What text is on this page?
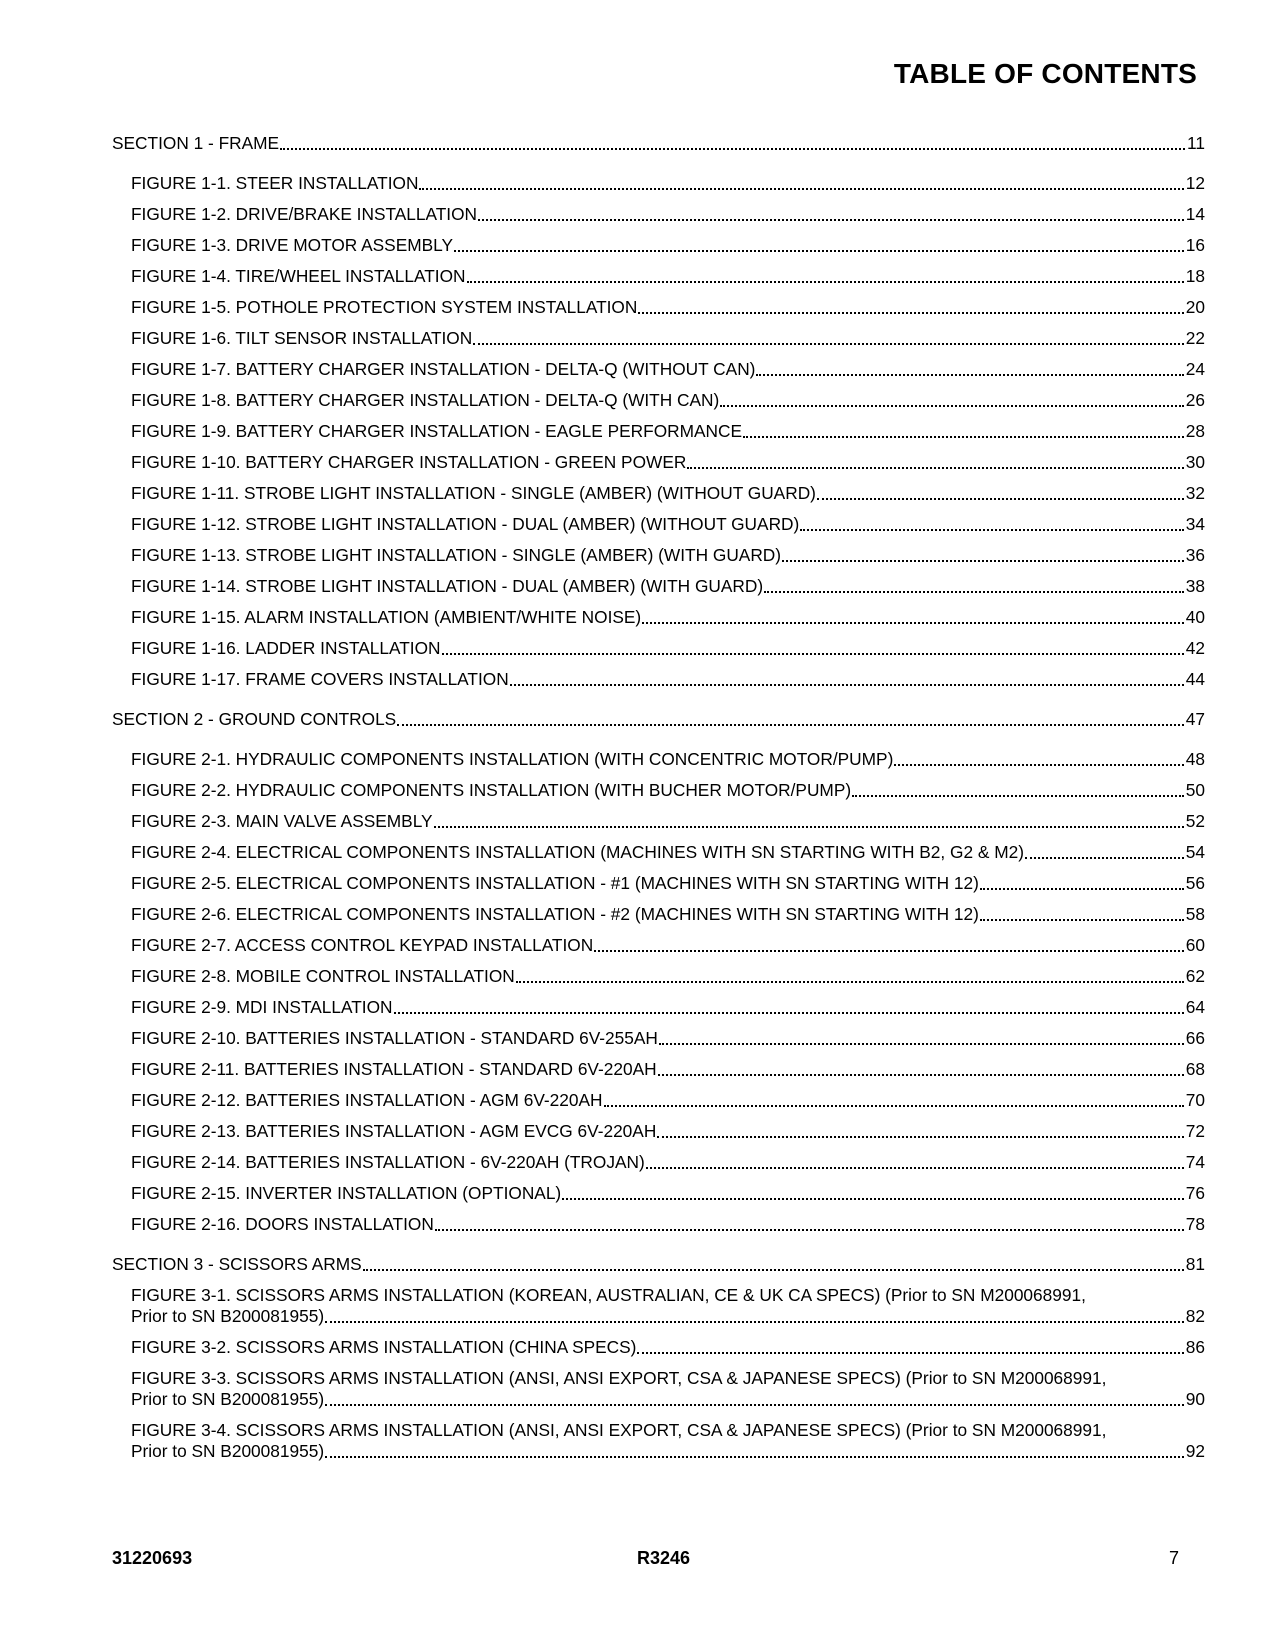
TABLE OF CONTENTS
SECTION 1 - FRAME	11
FIGURE 1-1. STEER INSTALLATION	12
FIGURE 1-2. DRIVE/BRAKE INSTALLATION	14
FIGURE 1-3. DRIVE MOTOR ASSEMBLY	16
FIGURE 1-4. TIRE/WHEEL INSTALLATION	18
FIGURE 1-5. POTHOLE PROTECTION SYSTEM INSTALLATION	20
FIGURE 1-6. TILT SENSOR INSTALLATION	22
FIGURE 1-7. BATTERY CHARGER INSTALLATION - DELTA-Q (WITHOUT CAN)	24
FIGURE 1-8. BATTERY CHARGER INSTALLATION - DELTA-Q (WITH CAN)	26
FIGURE 1-9. BATTERY CHARGER INSTALLATION - EAGLE PERFORMANCE	28
FIGURE 1-10. BATTERY CHARGER INSTALLATION - GREEN POWER	30
FIGURE 1-11. STROBE LIGHT INSTALLATION - SINGLE (AMBER) (WITHOUT GUARD)	32
FIGURE 1-12. STROBE LIGHT INSTALLATION - DUAL (AMBER) (WITHOUT GUARD)	34
FIGURE 1-13. STROBE LIGHT INSTALLATION - SINGLE (AMBER) (WITH GUARD)	36
FIGURE 1-14. STROBE LIGHT INSTALLATION - DUAL (AMBER) (WITH GUARD)	38
FIGURE 1-15. ALARM INSTALLATION (AMBIENT/WHITE NOISE)	40
FIGURE 1-16. LADDER INSTALLATION	42
FIGURE 1-17. FRAME COVERS INSTALLATION	44
SECTION 2 - GROUND CONTROLS	47
FIGURE 2-1. HYDRAULIC COMPONENTS INSTALLATION (WITH CONCENTRIC MOTOR/PUMP)	48
FIGURE 2-2. HYDRAULIC COMPONENTS INSTALLATION (WITH BUCHER MOTOR/PUMP)	50
FIGURE 2-3. MAIN VALVE ASSEMBLY	52
FIGURE 2-4. ELECTRICAL COMPONENTS INSTALLATION (MACHINES WITH SN STARTING WITH B2, G2 & M2)	54
FIGURE 2-5. ELECTRICAL COMPONENTS INSTALLATION - #1 (MACHINES WITH SN STARTING WITH 12)	56
FIGURE 2-6. ELECTRICAL COMPONENTS INSTALLATION - #2 (MACHINES WITH SN STARTING WITH 12)	58
FIGURE 2-7. ACCESS CONTROL KEYPAD INSTALLATION	60
FIGURE 2-8. MOBILE CONTROL INSTALLATION	62
FIGURE 2-9. MDI INSTALLATION	64
FIGURE 2-10. BATTERIES INSTALLATION - STANDARD 6V-255AH	66
FIGURE 2-11. BATTERIES INSTALLATION - STANDARD 6V-220AH	68
FIGURE 2-12. BATTERIES INSTALLATION - AGM 6V-220AH	70
FIGURE 2-13. BATTERIES INSTALLATION - AGM EVCG 6V-220AH	72
FIGURE 2-14. BATTERIES INSTALLATION - 6V-220AH (TROJAN)	74
FIGURE 2-15. INVERTER INSTALLATION (OPTIONAL)	76
FIGURE 2-16. DOORS INSTALLATION	78
SECTION 3 - SCISSORS ARMS	81
FIGURE 3-1. SCISSORS ARMS INSTALLATION (KOREAN, AUSTRALIAN, CE & UK CA SPECS) (Prior to SN M200068991,
Prior to SN B200081955)	82
FIGURE 3-2. SCISSORS ARMS INSTALLATION (CHINA SPECS)	86
FIGURE 3-3. SCISSORS ARMS INSTALLATION (ANSI, ANSI EXPORT, CSA & JAPANESE SPECS) (Prior to SN M200068991,
Prior to SN B200081955)	90
FIGURE 3-4. SCISSORS ARMS INSTALLATION (ANSI, ANSI EXPORT, CSA & JAPANESE SPECS) (Prior to SN M200068991,
Prior to SN B200081955)	92
31220693	R3246	7
